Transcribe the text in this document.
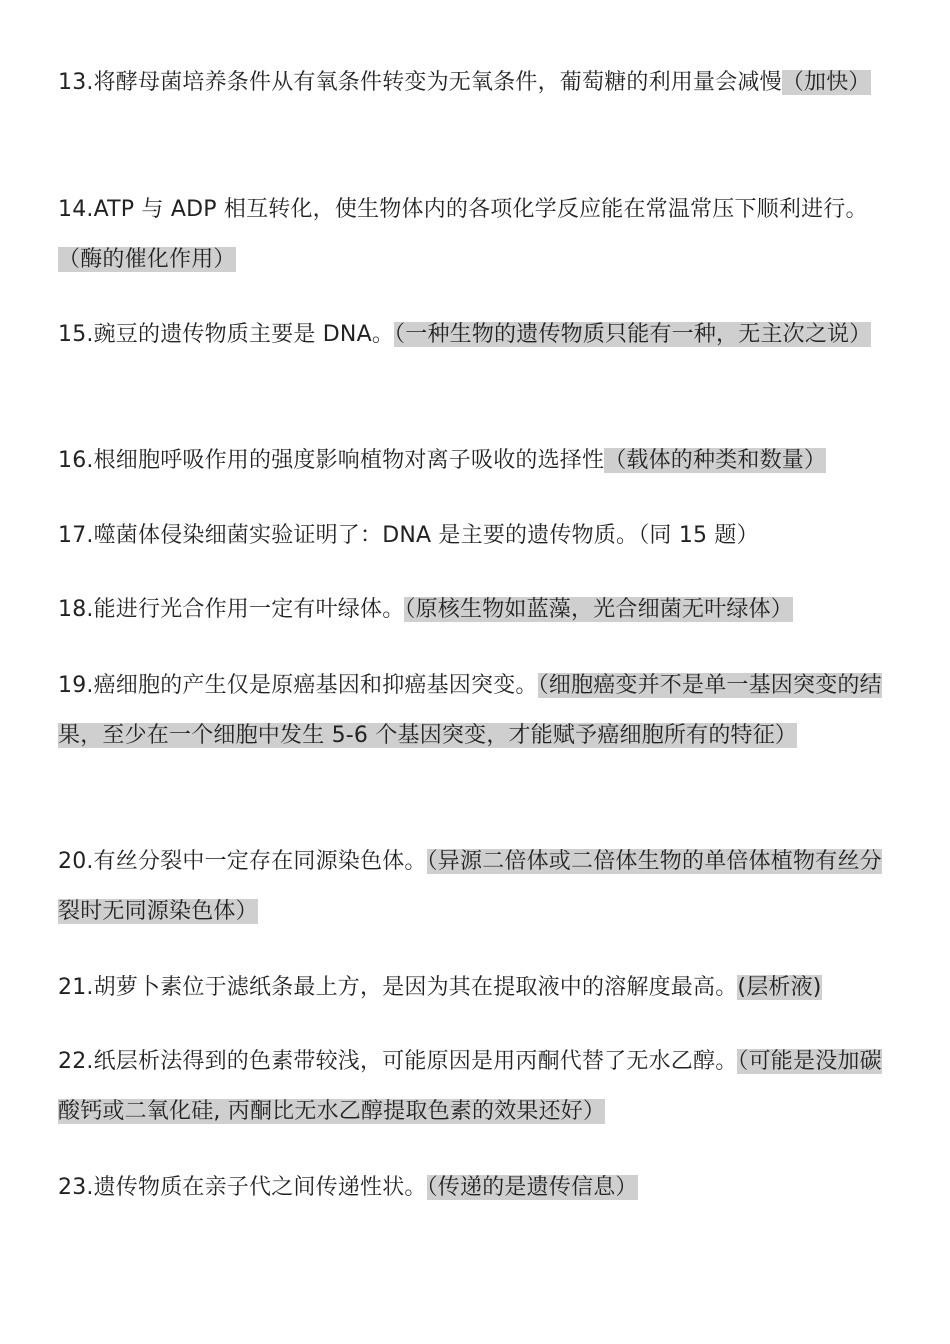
13.将酵母菌培养条件从有氧条件转变为无氧条件，葡萄糖的利用量会减慢（加快）

14.ATP 与 ADP 相互转化，使生物体内的各项化学反应能在常温常压下顺利进行。（酶的催化作用）

15.豌豆的遗传物质主要是 DNA。（一种生物的遗传物质只能有一种，无主次之说）

16.根细胞呼吸作用的强度影响植物对离子吸收的选择性（载体的种类和数量）

17.噬菌体侵染细菌实验证明了：DNA 是主要的遗传物质。（同 15 题）

18.能进行光合作用一定有叶绿体。（原核生物如蓝藻，光合细菌无叶绿体）

19.癌细胞的产生仅是原癌基因和抑癌基因突变。（细胞癌变并不是单一基因突变的结果，至少在一个细胞中发生 5-6 个基因突变，才能赋予癌细胞所有的特征）

20.有丝分裂中一定存在同源染色体。（异源二倍体或二倍体生物的单倍体植物有丝分裂时无同源染色体）

21.胡萝卜素位于滤纸条最上方，是因为其在提取液中的溶解度最高。(层析液)

22.纸层析法得到的色素带较浅，可能原因是用丙酮代替了无水乙醇。（可能是没加碳酸钙或二氧化硅, 丙酮比无水乙醇提取色素的效果还好）

23.遗传物质在亲子代之间传递性状。（传递的是遗传信息）
